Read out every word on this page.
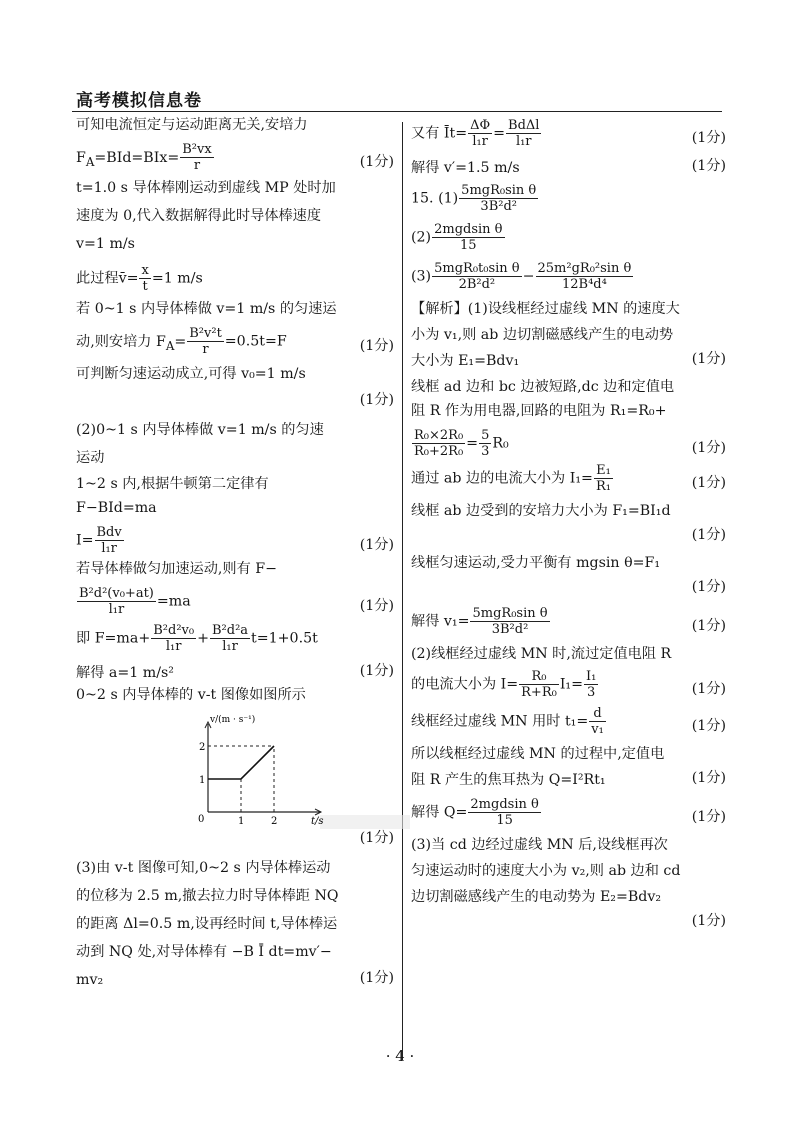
高考模拟信息卷
可知电流恒定与运动距离无关,安培力
$F_A=BId=BIx= \frac{\text{B²vx}}{r}$	(1分)
t=1.0 s 导体棒刚运动到虚线 MP 处时加
速度为 0,代入数据解得此时导体棒速度
v=1 m/s
此过程v̄= $\frac{x}{t} =1$ m/s
若 0~1 s 内导体棒做 v=1 m/s 的匀速运
动,则安培力 $F_A= \frac{\text{B²v²t}}{r} =0.5t=F$	(1分)
可判断匀速运动成立,可得 v₀=1 m/s
(1分)
(2)0~1 s 内导体棒做 v=1 m/s 的匀速
运动
1~2 s 内,根据牛顿第二定律有
F−BId=ma
$I= \frac{\text{Bdv}}{\text{l₁r}}$	(1分)
若导体棒做匀加速运动,则有 F−
$\frac{\text{B²d²(v₀+at)}}{\text{l₁r}} =ma$	(1分)
即 $F=ma+ \frac{\text{B²d²v₀}}{\text{l₁r}} + \frac{\text{B²d²a}}{\text{l₁r}} t=1+0.5t$
解得 a=1 m/s²	(1分)
0~2 s 内导体棒的 v-t 图像如图所示
v/(m · s⁻¹)
0
1
2
1	2	t/s
(1分)
(3)由 v-t 图像可知,0~2 s 内导体棒运动
的位移为 2.5 m,撤去拉力时导体棒距 NQ
的距离 Δl=0.5 m,设再经时间 t,导体棒运
动到 NQ 处,对导体棒有 −B Ī dt=mv′−
mv₂	(1分)
又有 Īt= $\frac{\Delta\Phi}{\text{l₁r}} = \frac{\text{BdΔl}}{\text{l₁r}}$	(1分)
解得 v′=1.5 m/s	(1分)
15. $(1) \frac{\text{5mgR₀sin θ}}{\text{3B²d²}}$
$(2) \frac{\text{2mgdsin θ}}{15}$
$(3) \frac{\text{5mgR₀t₀sin θ}}{\text{2B²d²}} - \frac{\text{25m²gR₀²sin θ}}{\text{12B⁴d⁴}}$
【解析】(1)设线框经过虚线 MN 的速度大
小为 v₁,则 ab 边切割磁感线产生的电动势
大小为 E₁=Bdv₁	(1分)
线框 ad 边和 bc 边被短路,dc 边和定值电
阻 R 作为用电器,回路的电阻为 R₁=R₀+
$\frac{\text{R₀×2R₀}}{\text{R₀+2R₀}} = \frac{5}{3} R_0$	(1分)
通过 ab 边的电流大小为 $I_1= \frac{\text{E₁}}{\text{R₁}}$	(1分)
线框 ab 边受到的安培力大小为 F₁=BI₁d
(1分)
线框匀速运动,受力平衡有 mgsin θ=F₁
(1分)
解得 $v_1= \frac{\text{5mgR₀sin θ}}{\text{3B²d²}}$	(1分)
(2)线框经过虚线 MN 时,流过定值电阻 R
的电流大小为 $I= \frac{\text{R₀}}{\text{R+R₀}} I_1= \frac{\text{I₁}}{3}$	(1分)
线框经过虚线 MN 用时 $t_1= \frac{d}{\text{v₁}}$	(1分)
所以线框经过虚线 MN 的过程中,定值电
阻 R 产生的焦耳热为 Q=I²Rt₁	(1分)
解得 $Q= \frac{\text{2mgdsin θ}}{15}$	(1分)
(3)当 cd 边经过虚线 MN 后,设线框再次
匀速运动时的速度大小为 v₂,则 ab 边和 cd
边切割磁感线产生的电动势为 E₂=Bdv₂
(1分)
· 4 ·
